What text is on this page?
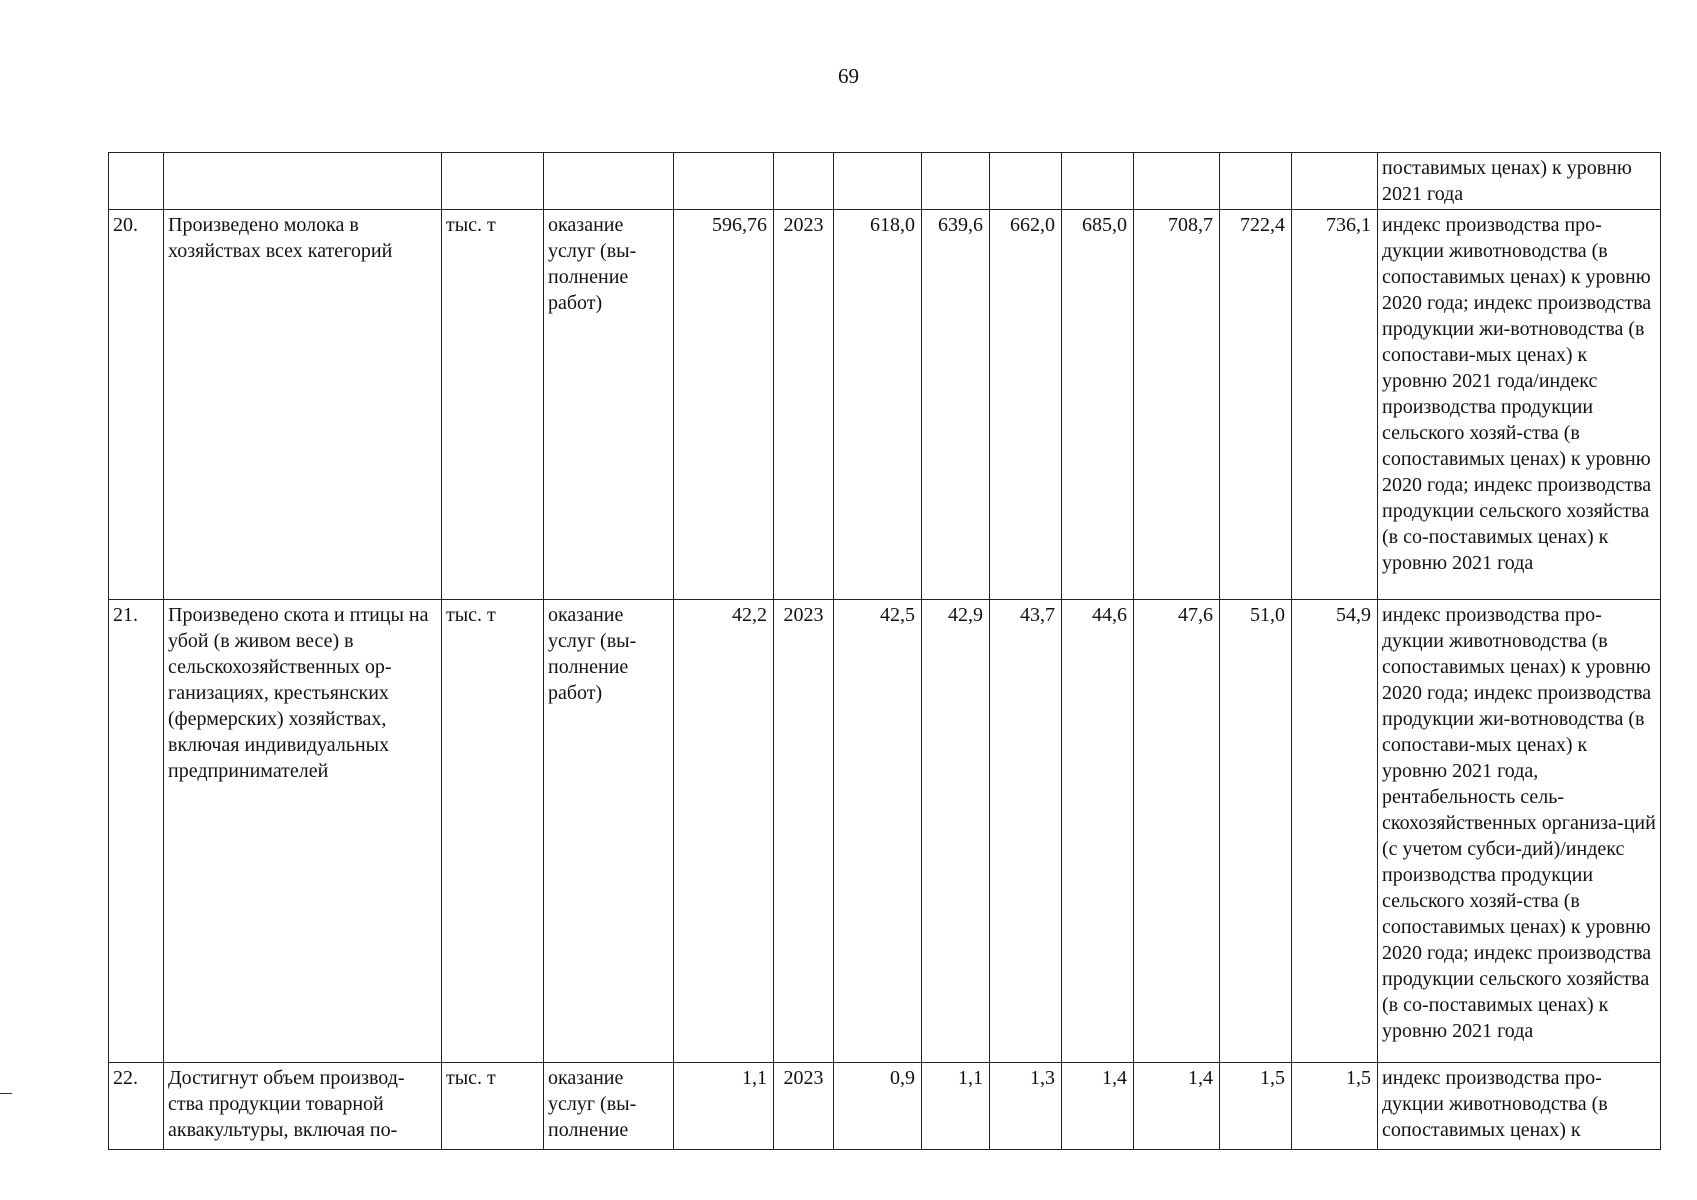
69
													поставимых ценах) к уровню 2021 года
20.	Произведено молока в хозяйствах всех категорий	тыс. т	оказание услуг (вы-полнение работ)	596,76	2023	618,0	639,6	662,0	685,0	708,7	722,4	736,1	индекс производства про-дукции животноводства (в сопоставимых ценах) к уровню 2020 года; индекс производства продукции жи-вотноводства (в сопостави-мых ценах) к уровню 2021 года/индекс производства продукции сельского хозяй-ства (в сопоставимых ценах) к уровню 2020 года; индекс производства продукции сельского хозяйства (в со-поставимых ценах) к уровню 2021 года
21.	Произведено скота и птицы на убой (в живом весе) в сельскохозяйственных ор-ганизациях, крестьянских (фермерских) хозяйствах, включая индивидуальных предпринимателей	тыс. т	оказание услуг (вы-полнение работ)	42,2	2023	42,5	42,9	43,7	44,6	47,6	51,0	54,9	индекс производства про-дукции животноводства (в сопоставимых ценах) к уровню 2020 года; индекс производства продукции жи-вотноводства (в сопостави-мых ценах) к уровню 2021 года, рентабельность сель-скохозяйственных организа-ций (с учетом субси-дий)/индекс производства продукции сельского хозяй-ства (в сопоставимых ценах) к уровню 2020 года; индекс производства продукции сельского хозяйства (в со-поставимых ценах) к уровню 2021 года
22.	Достигнут объем производ-ства продукции товарной аквакультуры, включая по-	тыс. т	оказание услуг (вы-полнение	1,1	2023	0,9	1,1	1,3	1,4	1,4	1,5	1,5	индекс производства про-дукции животноводства (в сопоставимых ценах) к
